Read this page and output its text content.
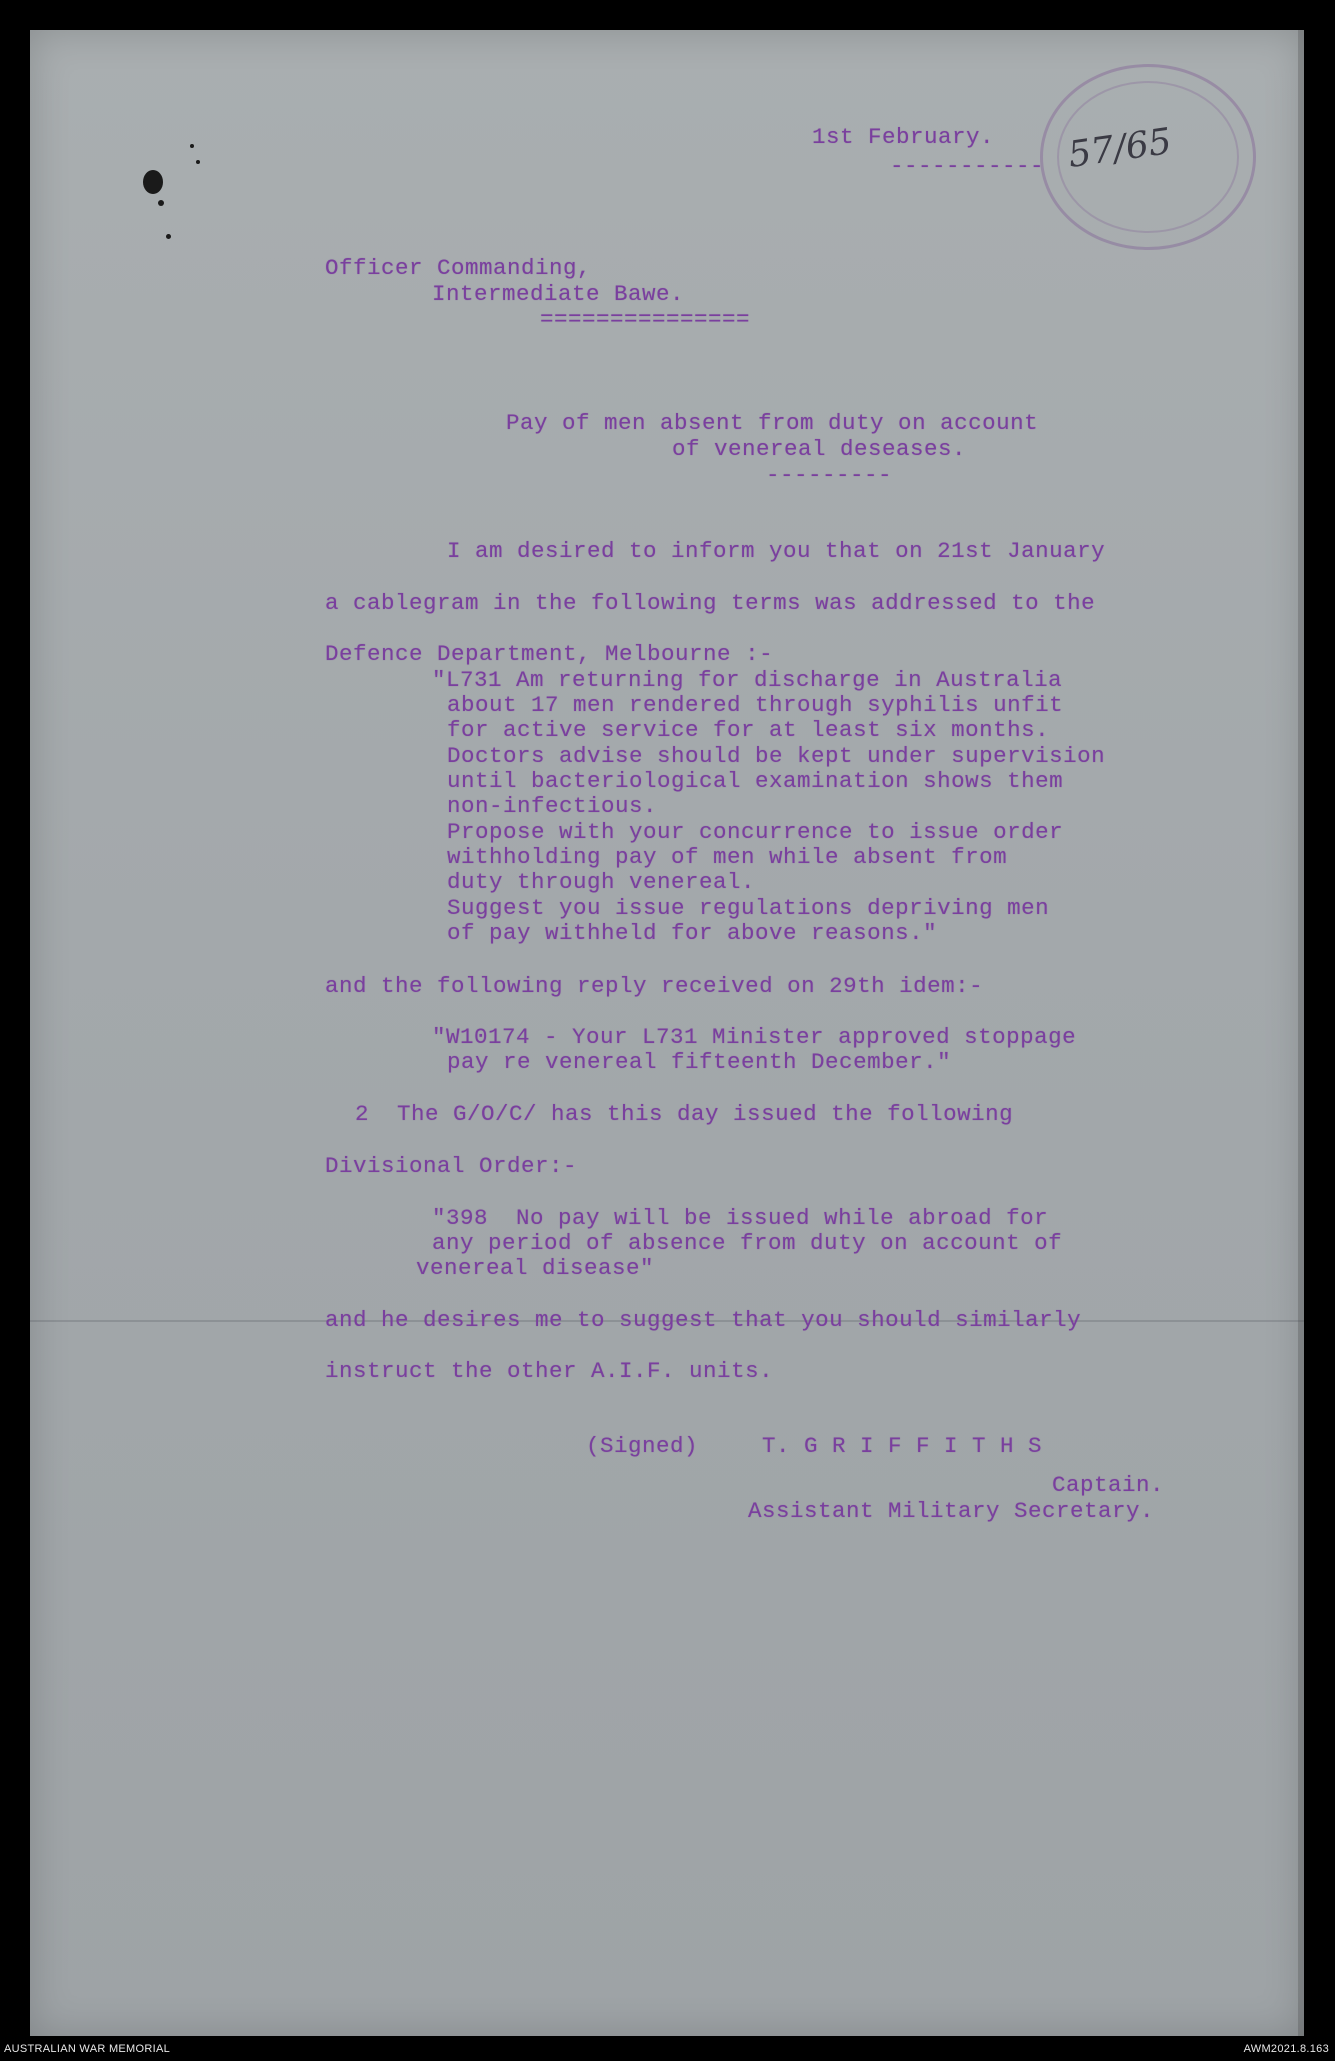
1st February.
----------- 57/65
Officer Commanding,
Intermediate Bawe.
===============
Pay of men absent from duty on account
of venereal deseases.
---------
I am desired to inform you that on 21st January
a cablegram in the following terms was addressed to the
Defence Department, Melbourne :-
"L731 Am returning for discharge in Australia
about 17 men rendered through syphilis unfit
for active service for at least six months.
Doctors advise should be kept under supervision
until bacteriological examination shows them
non-infectious.
Propose with your concurrence to issue order
withholding pay of men while absent from
duty through venereal.
Suggest you issue regulations depriving men
of pay withheld for above reasons."
and the following reply received on 29th idem:-
"W10174 - Your L731 Minister approved stoppage
pay re venereal fifteenth December."
2  The G/O/C/ has this day issued the following
Divisional Order:-
"398  No pay will be issued while abroad for
any period of absence from duty on account of
venereal disease"
and he desires me to suggest that you should similarly
instruct the other A.I.F. units.
(Signed)	T. G R I F F I T H S
Captain.
Assistant Military Secretary.
AUSTRALIAN WAR MEMORIAL	AWM2021.8.163
